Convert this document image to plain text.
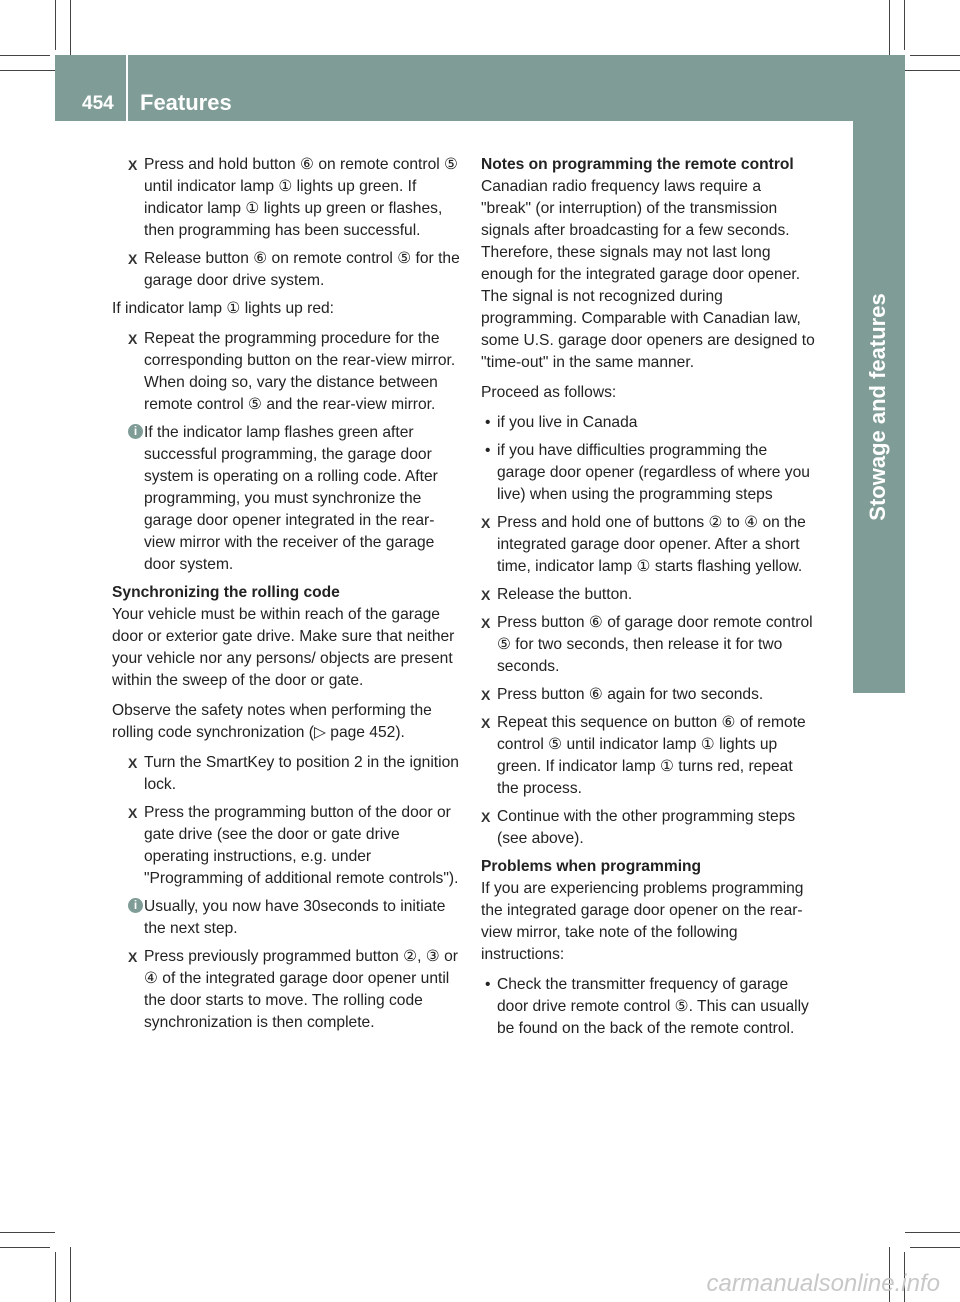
454 Features
Stowage and features
X Press and hold button ⑥ on remote control ⑤ until indicator lamp ① lights up green. If indicator lamp ① lights up green or flashes, then programming has been successful.
X Release button ⑥ on remote control ⑤ for the garage door drive system.

If indicator lamp ① lights up red:

X Repeat the programming procedure for the corresponding button on the rear-view mirror. When doing so, vary the distance between remote control ⑤ and the rear-view mirror.
i If the indicator lamp flashes green after successful programming, the garage door system is operating on a rolling code. After programming, you must synchronize the garage door opener integrated in the rear-view mirror with the receiver of the garage door system.

Synchronizing the rolling code

Your vehicle must be within reach of the garage door or exterior gate drive. Make sure that neither your vehicle nor any persons/ objects are present within the sweep of the door or gate.

Observe the safety notes when performing the rolling code synchronization (▷ page 452).

X Turn the SmartKey to position 2 in the ignition lock.
X Press the programming button of the door or gate drive (see the door or gate drive operating instructions, e.g. under "Programming of additional remote controls").
i Usually, you now have 30seconds to initiate the next step.
X Press previously programmed button ②, ③ or ④ of the integrated garage door opener until the door starts to move. The rolling code synchronization is then complete.

Notes on programming the remote control

Canadian radio frequency laws require a "break" (or interruption) of the transmission signals after broadcasting for a few seconds. Therefore, these signals may not last long enough for the integrated garage door opener. The signal is not recognized during programming. Comparable with Canadian law, some U.S. garage door openers are designed to "time-out" in the same manner.

Proceed as follows:

• if you live in Canada
• if you have difficulties programming the garage door opener (regardless of where you live) when using the programming steps
X Press and hold one of buttons ② to ④ on the integrated garage door opener. After a short time, indicator lamp ① starts flashing yellow.
X Release the button.
X Press button ⑥ of garage door remote control ⑤ for two seconds, then release it for two seconds.
X Press button ⑥ again for two seconds.
X Repeat this sequence on button ⑥ of remote control ⑤ until indicator lamp ① lights up green. If indicator lamp ① turns red, repeat the process.
X Continue with the other programming steps (see above).

Problems when programming

If you are experiencing problems programming the integrated garage door opener on the rear-view mirror, take note of the following instructions:

• Check the transmitter frequency of garage door drive remote control ⑤. This can usually be found on the back of the remote control.
carmanualsonline.info
